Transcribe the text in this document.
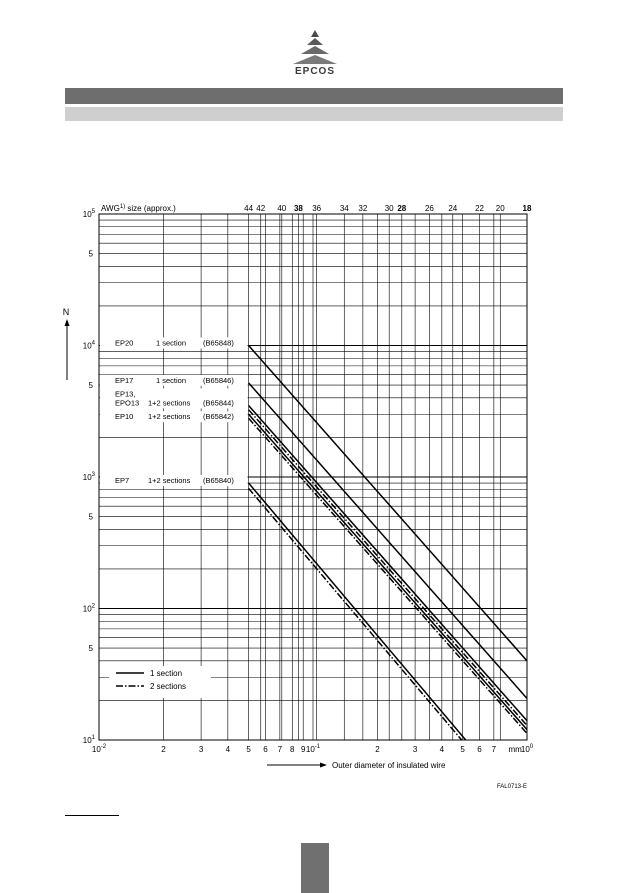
EPCOS
$10^{-2}$	2	3	4 5 6 7 8 9 $10^{-1}$	2	3	4 5 6 7	$10^0$
mm
$10^1$
5
$10^2$
5
$10^3$
5
$10^4$
5
$10^5$ AWG$^{1)}$ size (approx.)	44 42 40 38 36 34 32 30 28 26 24 22 20 18
N
Outer diameter of insulated wire
FAL0713-E
EP20	1 section (B65848)
EP17	1 section (B65846)
EP13,
EPO13 1+2 sections (B65844)
EP10 1+2 sections (B65842)
EP7	1+2 sections (B65840)
1 section
2 sections
